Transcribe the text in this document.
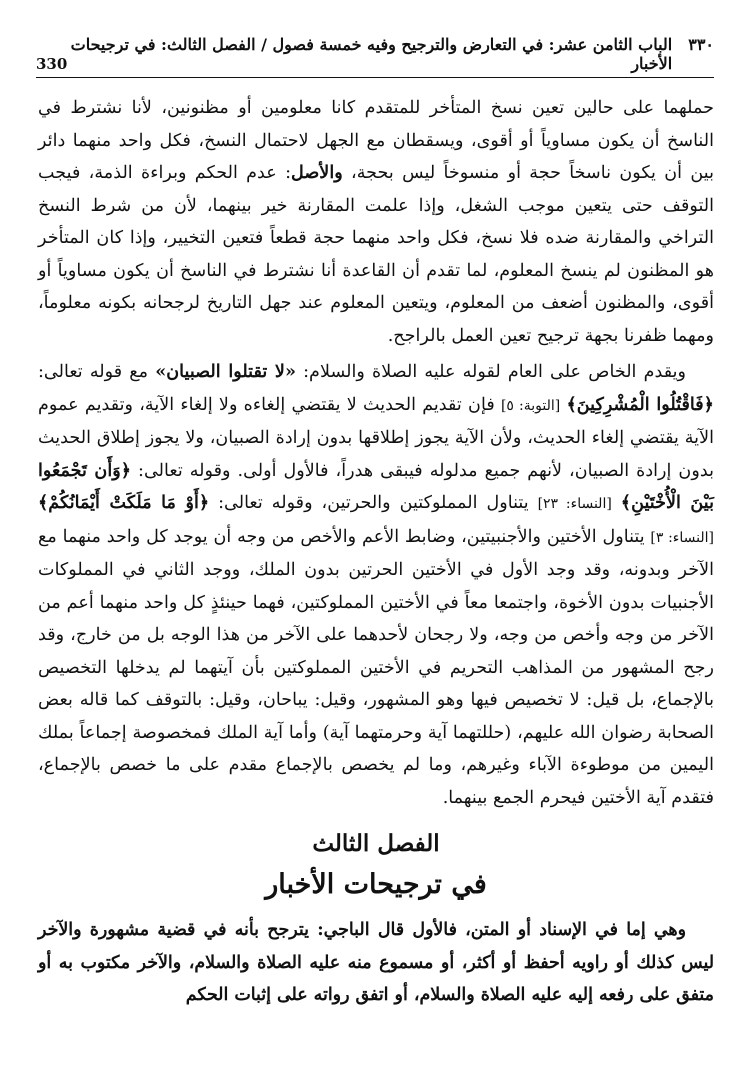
٣٣٠
الباب الثامن عشر: في التعارض والترجيح وفيه خمسة فصول / الفصل الثالث: في ترجيحات الأخبار
330

حملهما على حالين تعين نسخ المتأخر للمتقدم كانا معلومين أو مظنونين، لأنا نشترط في الناسخ أن يكون مساوياً أو أقوى، ويسقطان مع الجهل لاحتمال النسخ، فكل واحد منهما دائر بين أن يكون ناسخاً حجة أو منسوخاً ليس بحجة، والأصل: عدم الحكم وبراءة الذمة، فيجب التوقف حتى يتعين موجب الشغل، وإذا علمت المقارنة خير بينهما، لأن من شرط النسخ التراخي والمقارنة ضده فلا نسخ، فكل واحد منهما حجة قطعاً فتعين التخيير، وإذا كان المتأخر هو المظنون لم ينسخ المعلوم، لما تقدم أن القاعدة أنا نشترط في الناسخ أن يكون مساوياً أو أقوى، والمظنون أضعف من المعلوم، ويتعين المعلوم عند جهل التاريخ لرجحانه بكونه معلوماً، ومهما ظفرنا بجهة ترجيح تعين العمل بالراجح.

ويقدم الخاص على العام لقوله عليه الصلاة والسلام: «لا تقتلوا الصبيان» مع قوله تعالى: ﴿فَاقْتُلُوا الْمُشْرِكِينَ﴾ [التوبة: ٥] فإن تقديم الحديث لا يقتضي إلغاءه ولا إلغاء الآية، وتقديم عموم الآية يقتضي إلغاء الحديث، ولأن الآية يجوز إطلاقها بدون إرادة الصبيان، ولا يجوز إطلاق الحديث بدون إرادة الصبيان، لأنهم جميع مدلوله فيبقى هدراً، فالأول أولى. وقوله تعالى: ﴿وَأَن تَجْمَعُوا بَيْنَ الْأُخْتَيْنِ﴾ [النساء: ٢٣] يتناول المملوكتين والحرتين، وقوله تعالى: ﴿أَوْ مَا مَلَكَتْ أَيْمَانُكُمْ﴾ [النساء: ٣] يتناول الأختين والأجنبيتين، وضابط الأعم والأخص من وجه أن يوجد كل واحد منهما مع الآخر وبدونه، وقد وجد الأول في الأختين الحرتين بدون الملك، ووجد الثاني في المملوكات الأجنبيات بدون الأخوة، واجتمعا معاً في الأختين المملوكتين، فهما حينئذٍ كل واحد منهما أعم من الآخر من وجه وأخص من وجه، ولا رجحان لأحدهما على الآخر من هذا الوجه بل من خارج، وقد رجح المشهور من المذاهب التحريم في الأختين المملوكتين بأن آيتهما لم يدخلها التخصيص بالإجماع، بل قيل: لا تخصيص فيها وهو المشهور، وقيل: يباحان، وقيل: بالتوقف كما قاله بعض الصحابة رضوان الله عليهم، (حللتهما آية وحرمتهما آية) وأما آية الملك فمخصوصة إجماعاً بملك اليمين من موطوءة الآباء وغيرهم، وما لم يخصص بالإجماع مقدم على ما خصص بالإجماع، فتقدم آية الأختين فيحرم الجمع بينهما.

الفصل الثالث
في ترجيحات الأخبار

وهي إما في الإسناد أو المتن، فالأول قال الباجي: يترجح بأنه في قضية مشهورة والآخر ليس كذلك أو راويه أحفظ أو أكثر، أو مسموع منه عليه الصلاة والسلام، والآخر مكتوب به أو متفق على رفعه إليه عليه الصلاة والسلام، أو اتفق رواته على إثبات الحكم
